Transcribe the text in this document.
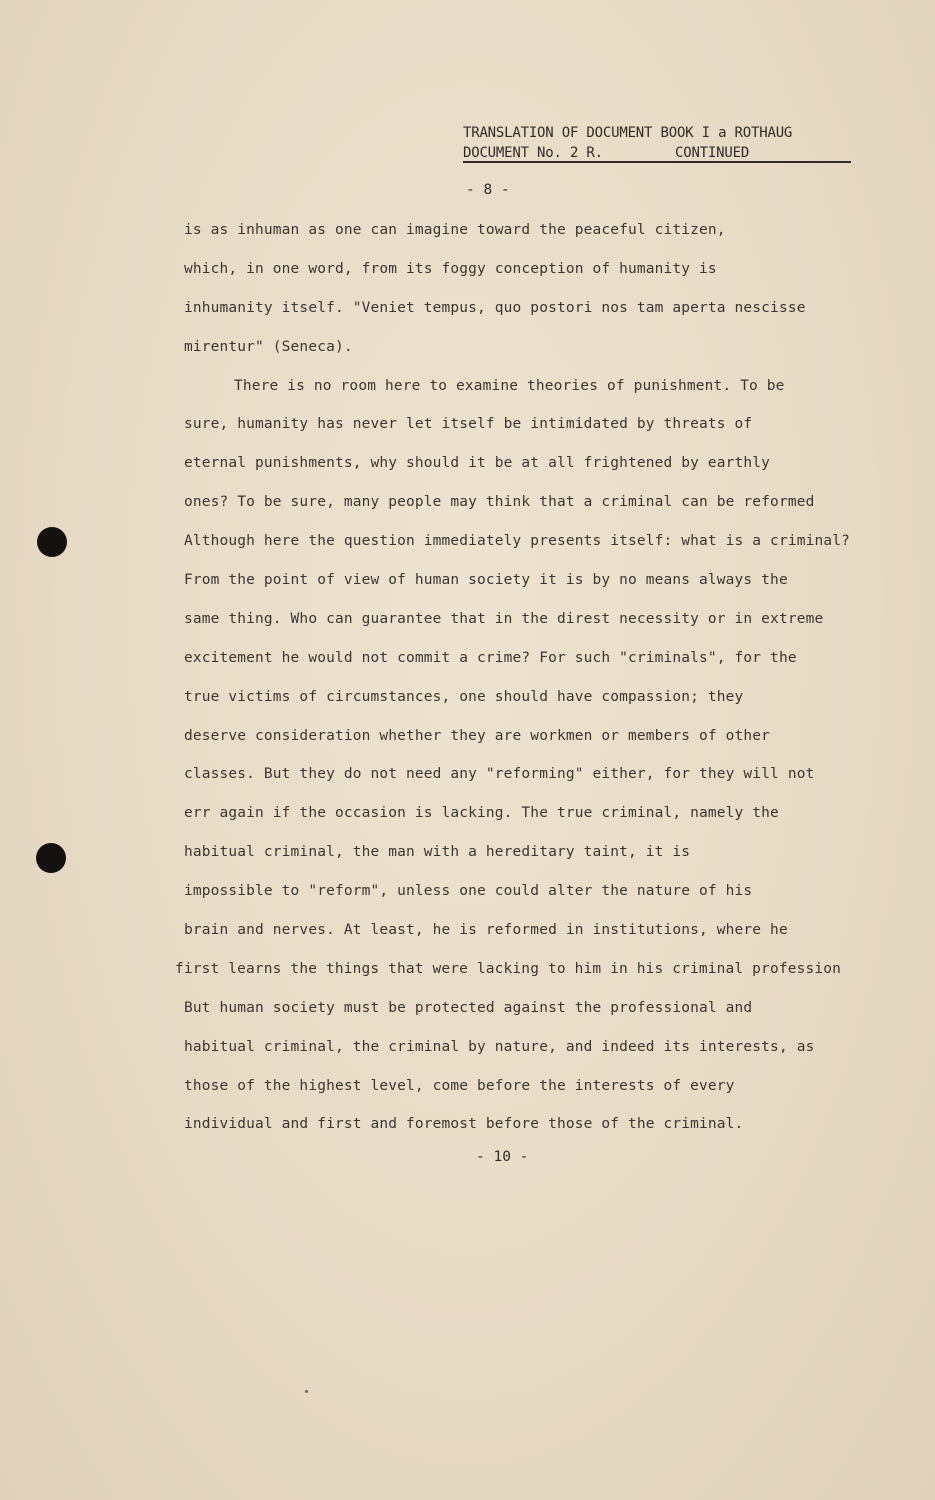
TRANSLATION OF DOCUMENT BOOK I a ROTHAUG
DOCUMENT No. 2 R.	CONTINUED
- 8 -
is as inhuman as one can imagine toward the peaceful citizen,
which, in one word, from its foggy conception of humanity is
inhumanity itself. "Veniet tempus, quo postori nos tam aperta nescisse
mirentur" (Seneca).
There is no room here to examine theories of punishment. To be
sure, humanity has never let itself be intimidated by threats of
eternal punishments, why should it be at all frightened by earthly
ones? To be sure, many people may think that a criminal can be reformed
Although here the question immediately presents itself: what is a criminal?
From the point of view of human society it is by no means always the
same thing. Who can guarantee that in the direst necessity or in extreme
excitement he would not commit a crime? For such "criminals", for the
true victims of circumstances, one should have compassion; they
deserve consideration whether they are workmen or members of other
classes. But they do not need any "reforming" either, for they will not
err again if the occasion is lacking. The true criminal, namely the
habitual criminal, the man with a hereditary taint, it is
impossible to "reform", unless one could alter the nature of his
brain and nerves. At least, he is reformed in institutions, where he
first learns the things that were lacking to him in his criminal profession
But human society must be protected against the professional and
habitual criminal, the criminal by nature, and indeed its interests, as
those of the highest level, come before the interests of every
individual and first and foremost before those of the criminal.
- 10 -
